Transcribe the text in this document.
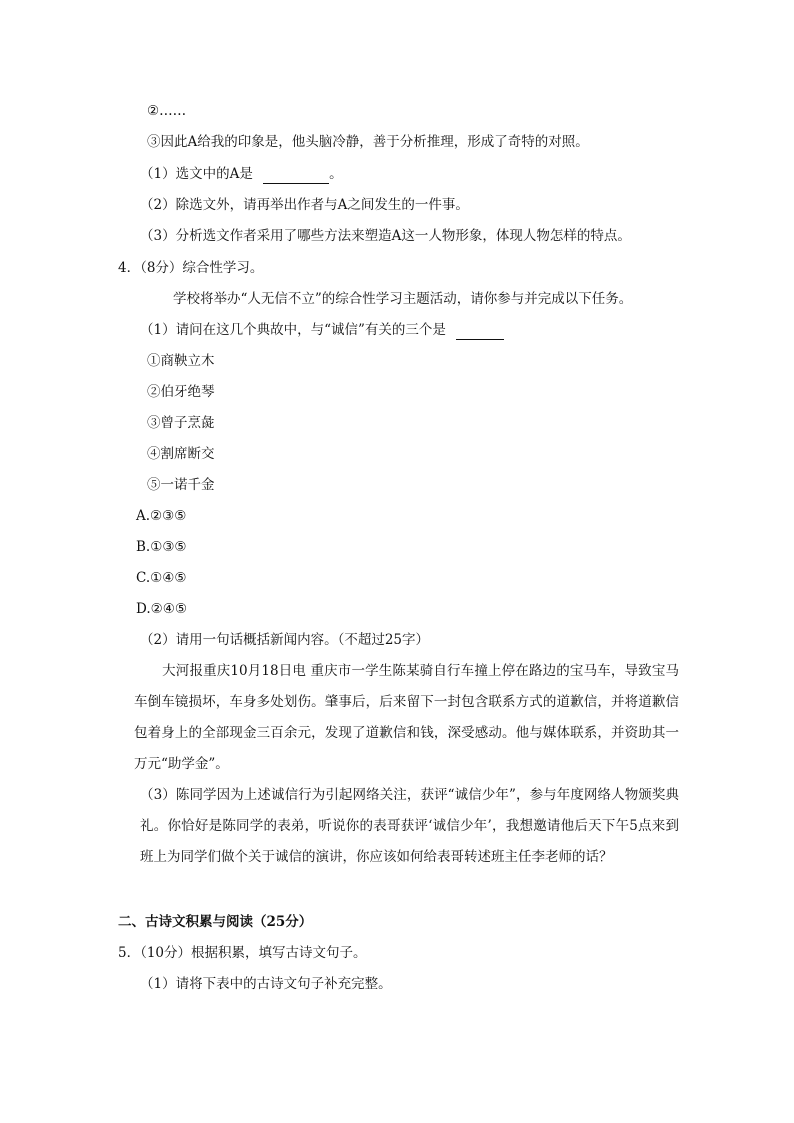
②……
③因此A给我的印象是，他头脑冷静，善于分析推理，形成了奇特的对照。
（1）选文中的A是	。
（2）除选文外，请再举出作者与A之间发生的一件事。
（3）分析选文作者采用了哪些方法来塑造A这一人物形象，体现人物怎样的特点。
4．（8分）综合性学习。
学校将举办“人无信不立”的综合性学习主题活动，请你参与并完成以下任务。
（1）请问在这几个典故中，与“诚信”有关的三个是
①商鞅立木
②伯牙绝琴
③曾子烹彘
④割席断交
⑤一诺千金
A.②③⑤
B.①③⑤
C.①④⑤
D.②④⑤
（2）请用一句话概括新闻内容。（不超过25字）
大河报重庆10月18日电 重庆市一学生陈某骑自行车撞上停在路边的宝马车，导致宝马车倒车镜损坏，车身多处划伤。肇事后，后来留下一封包含联系方式的道歉信，并将道歉信包着身上的全部现金三百余元，发现了道歉信和钱，深受感动。他与媒体联系，并资助其一万元“助学金”。
（3）陈同学因为上述诚信行为引起网络关注，获评“诚信少年”，参与年度网络人物颁奖典礼。你恰好是陈同学的表弟，听说你的表哥获评‘诚信少年’，我想邀请他后天下午5点来到班上为同学们做个关于诚信的演讲，你应该如何给表哥转述班主任李老师的话？
二、古诗文积累与阅读（25分）
5．（10分）根据积累，填写古诗文句子。
（1）请将下表中的古诗文句子补充完整。
